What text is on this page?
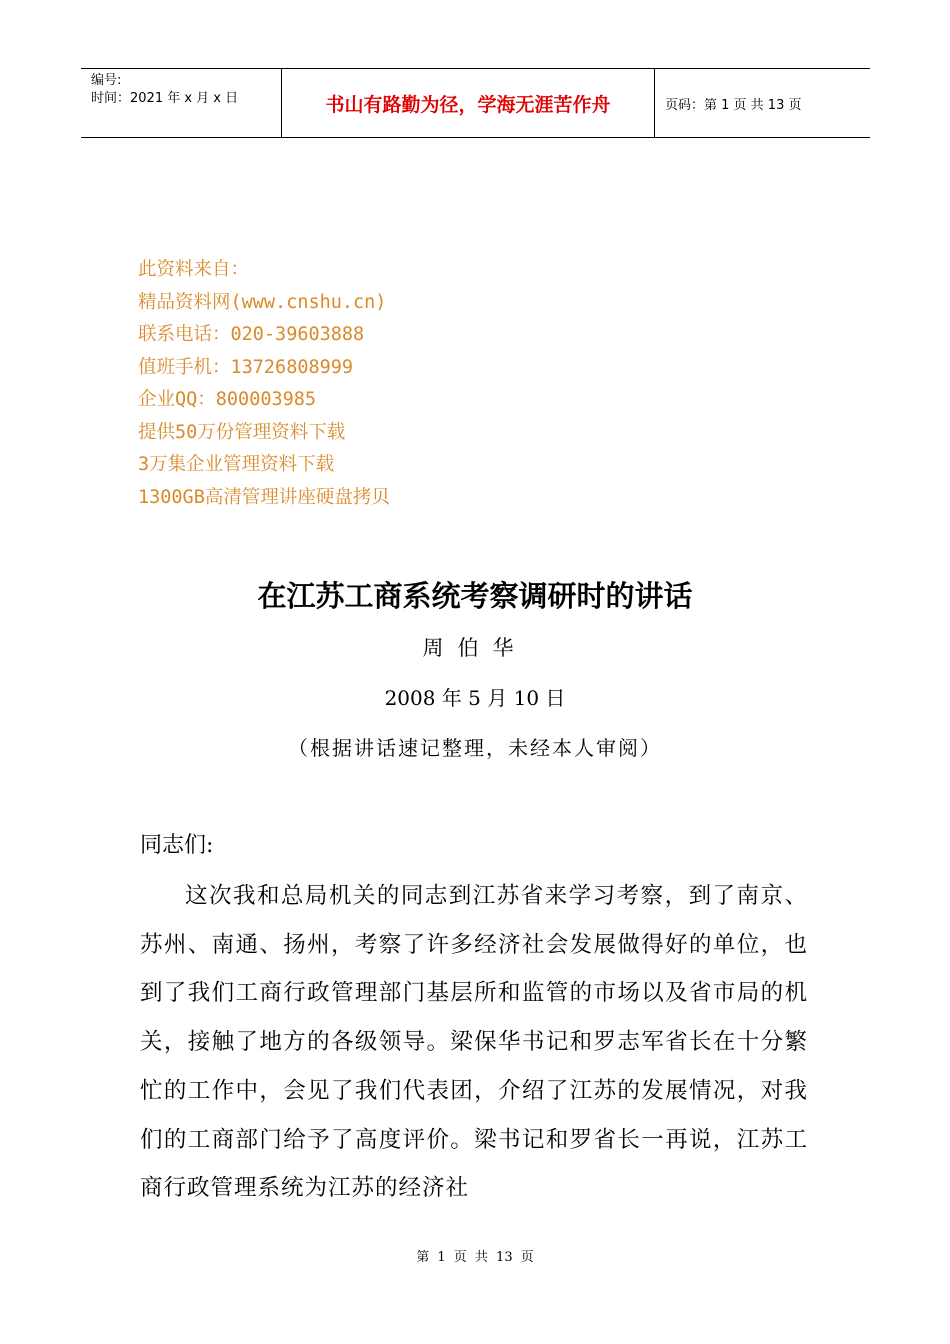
编号:
时间：2021 年 x 月 x 日	书山有路勤为径，学海无涯苦作舟	页码：第 1 页 共 13 页
此资料来自：
精品资料网(www.cnshu.cn)
联系电话：020-39603888
值班手机：13726808999
企业QQ：800003985
提供50万份管理资料下载
3万集企业管理资料下载
1300GB高清管理讲座硬盘拷贝
在江苏工商系统考察调研时的讲话
周伯华
2008 年 5 月 10 日
（根据讲话速记整理，未经本人审阅）
同志们:
这次我和总局机关的同志到江苏省来学习考察，到了南京、苏州、南通、扬州，考察了许多经济社会发展做得好的单位，也到了我们工商行政管理部门基层所和监管的市场以及省市局的机关，接触了地方的各级领导。梁保华书记和罗志军省长在十分繁忙的工作中，会见了我们代表团，介绍了江苏的发展情况，对我们的工商部门给予了高度评价。梁书记和罗省长一再说，江苏工商行政管理系统为江苏的经济社
第 1 页 共 13 页
